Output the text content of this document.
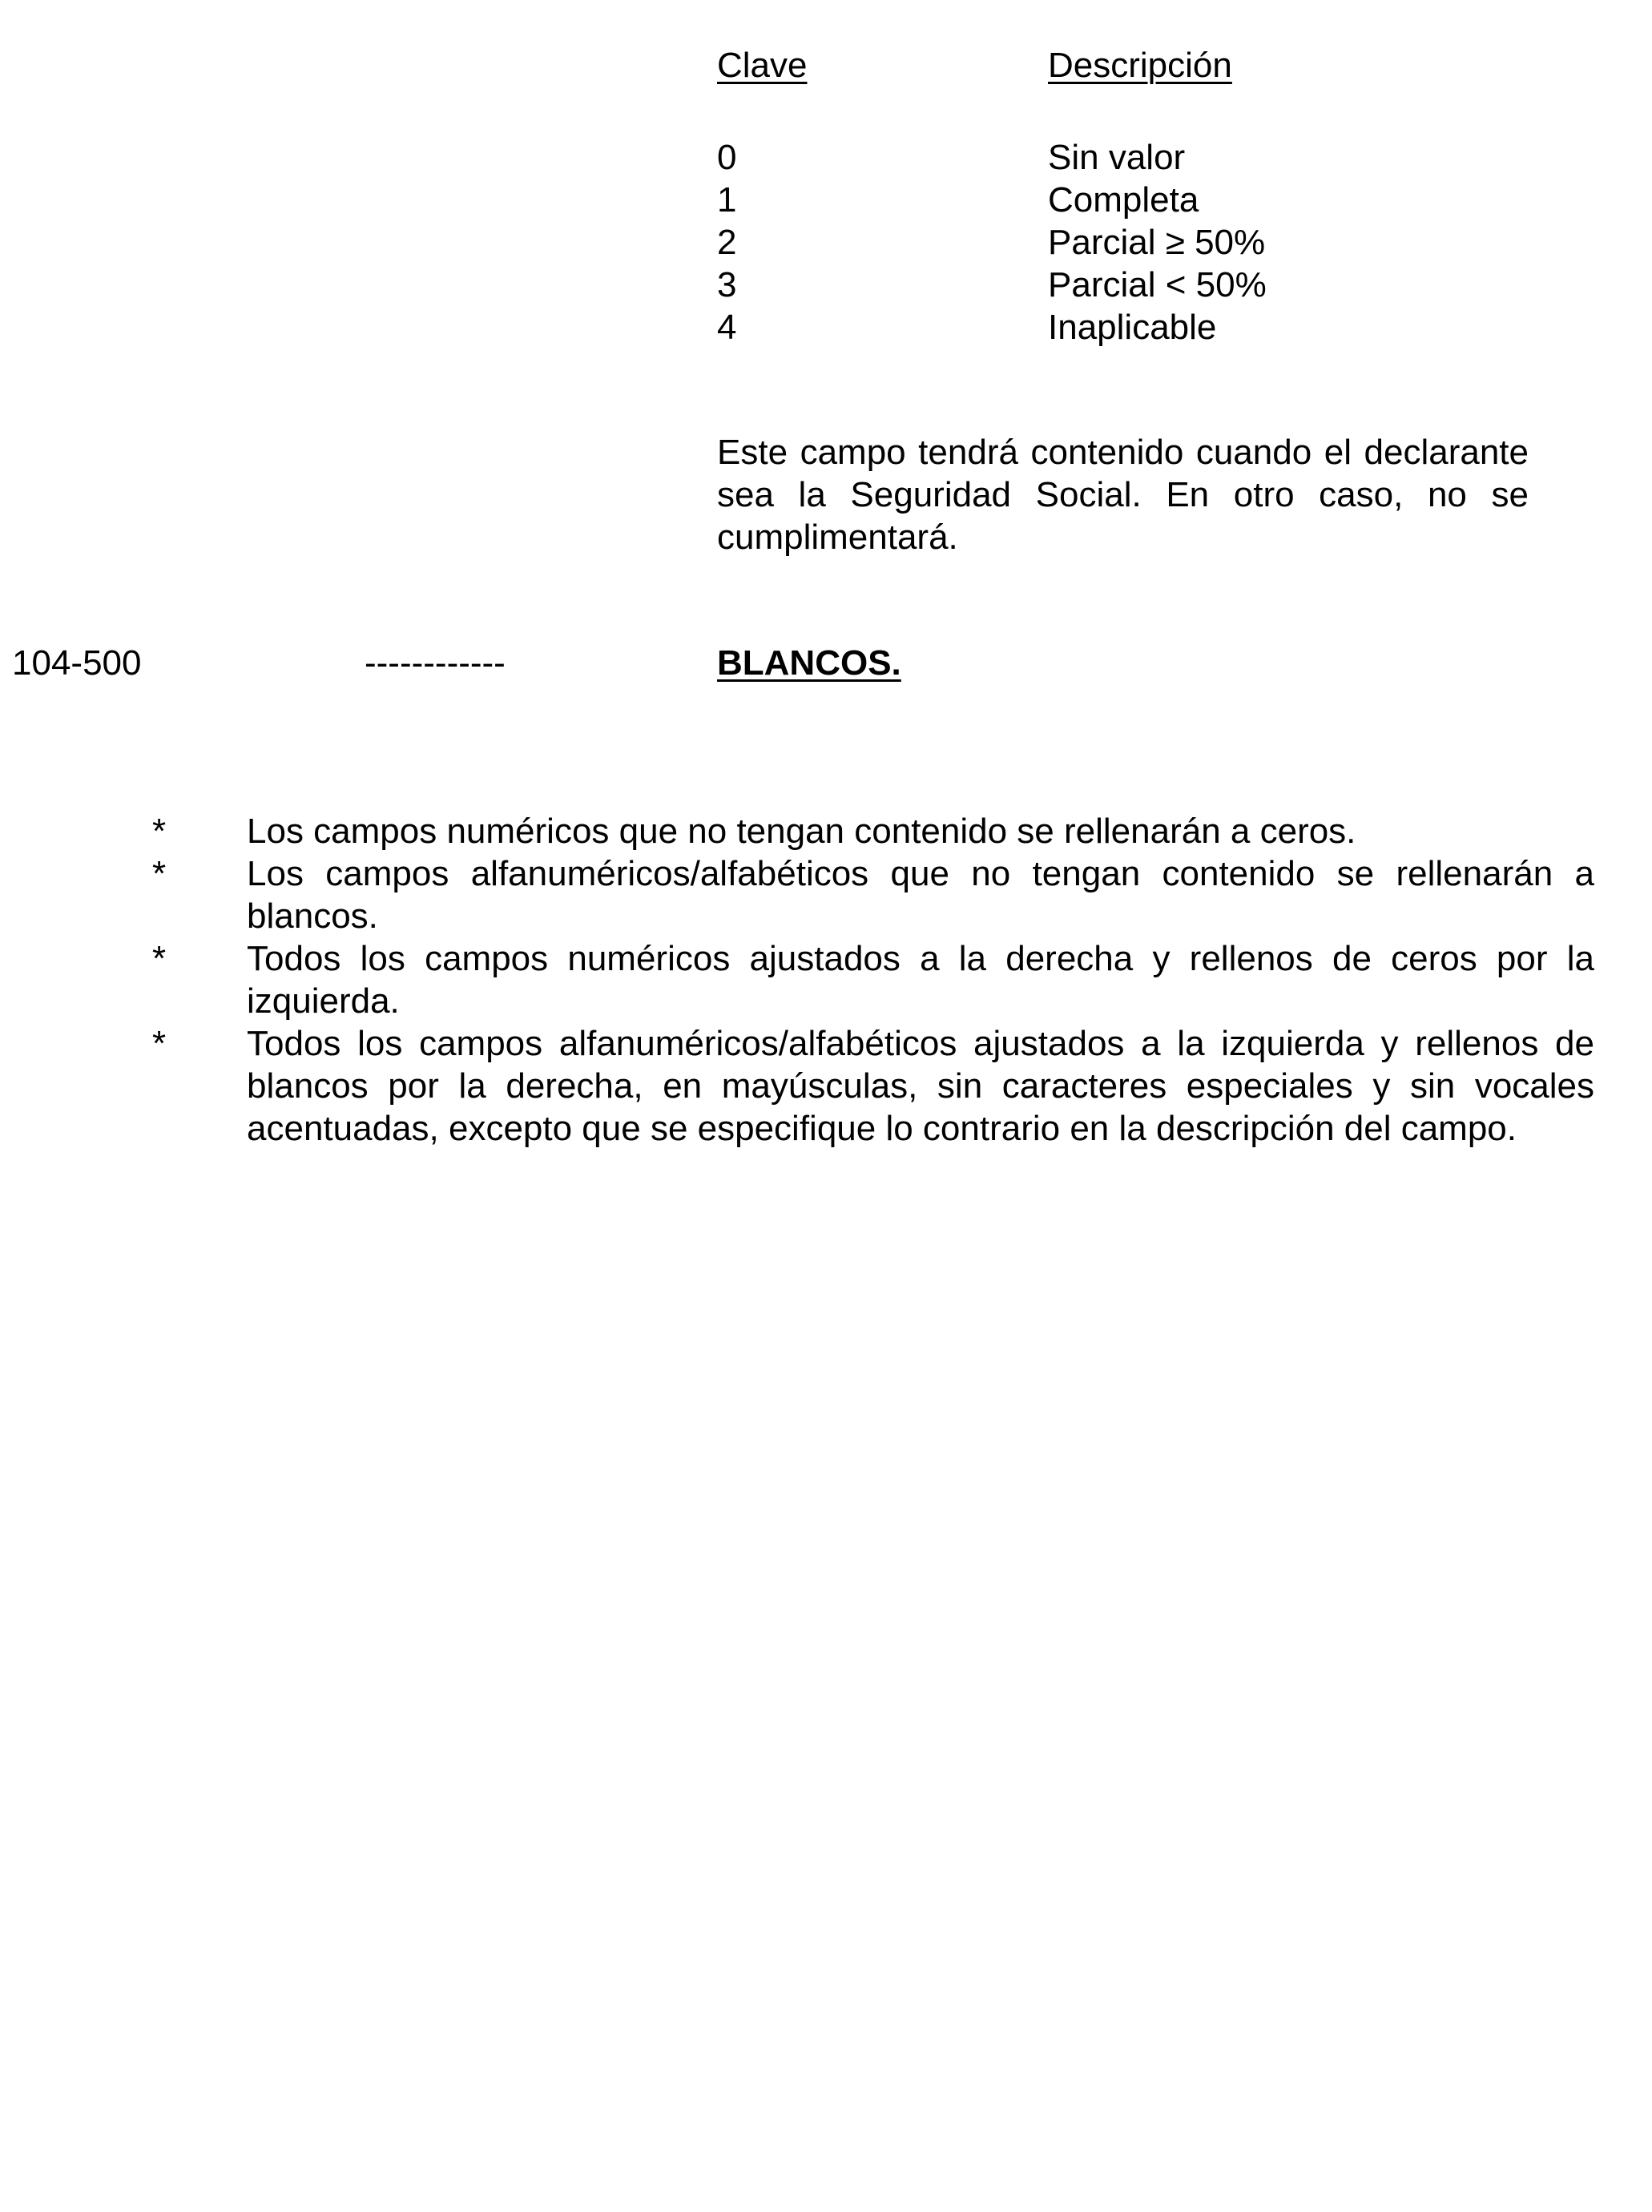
Clave	Descripción
0	Sin valor
1	Completa
2	Parcial ≥ 50%
3	Parcial < 50%
4	Inaplicable

Este campo tendrá contenido cuando el declarante sea la Seguridad Social. En otro caso, no se cumplimentará.

104-500	------------	BLANCOS.
* Los campos numéricos que no tengan contenido se rellenarán a ceros.
* Los campos alfanuméricos/alfabéticos que no tengan contenido se rellenarán a blancos.
* Todos los campos numéricos ajustados a la derecha y rellenos de ceros por la izquierda.
* Todos los campos alfanuméricos/alfabéticos ajustados a la izquierda y rellenos de blancos por la derecha, en mayúsculas, sin caracteres especiales y sin vocales acentuadas, excepto que se especifique lo contrario en la descripción del campo.
